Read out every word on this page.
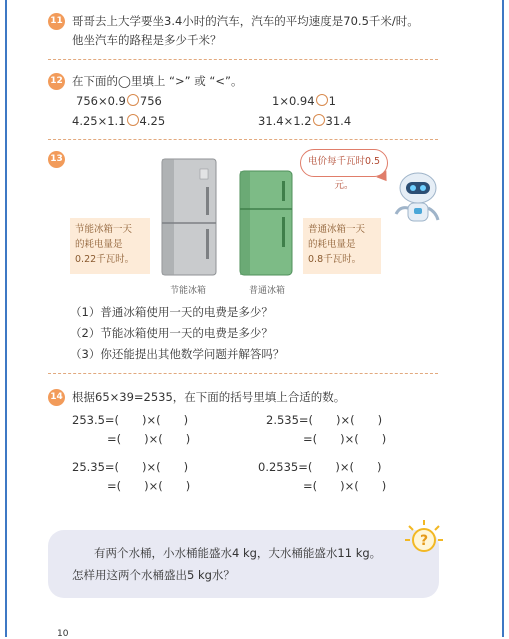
11 哥哥去上大学要坐3.4小时的汽车，汽车的平均速度是70.5千米/时。
他坐汽车的路程是多少千米？
12 在下面的◯里填上 “>” 或 “<”。
756×0.9 756	1×0.94 1
4.25×1.1 4.25	31.4×1.2 31.4
13
节能冰箱一天
的耗电量是
0.22千瓦时。
节能冰箱	普通冰箱
普通冰箱一天
的耗电量是
0.8千瓦时。
电价每千瓦时0.5元。
（1）普通冰箱使用一天的电费是多少？
（2）节能冰箱使用一天的电费是多少？
（3）你还能提出其他数学问题并解答吗？
14 根据65×39=2535，在下面的括号里填上合适的数。
253.5=(　　)×(　　)
=(　　)×(　　)
2.535=(　　)×(　　)
=(　　)×(　　)
25.35=(　　)×(　　)
=(　　)×(　　)
0.2535=(　　)×(　　)
=(　　)×(　　)
有两个水桶，小水桶能盛水4 kg，大水桶能盛水11 kg。
怎样用这两个水桶盛出5 kg水？
?
10
